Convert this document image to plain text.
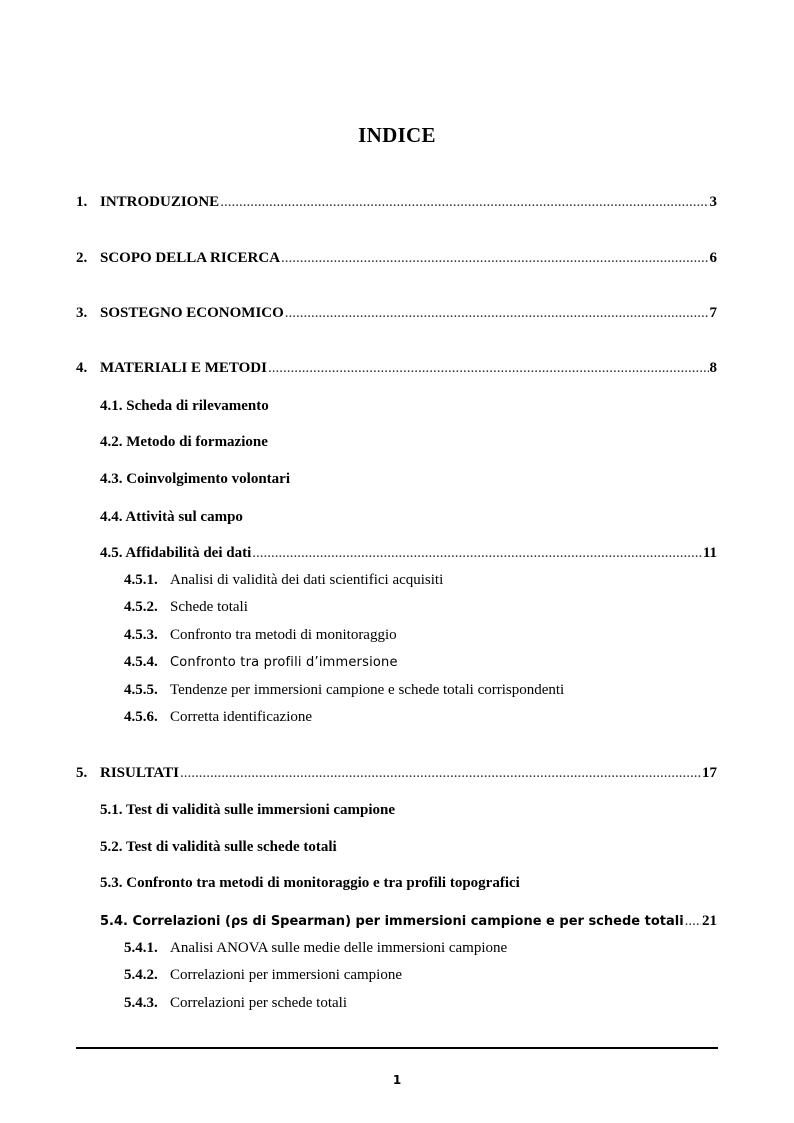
INDICE
1. INTRODUZIONE .....	3
2. SCOPO DELLA RICERCA .....	6
3. SOSTEGNO ECONOMICO .....	7
4. MATERIALI E METODI .....	8
4.1. Scheda di rilevamento
4.2. Metodo di formazione
4.3. Coinvolgimento volontari
4.4. Attività sul campo
4.5. Affidabilità dei dati .....	11
4.5.1. Analisi di validità dei dati scientifici acquisiti
4.5.2. Schede totali
4.5.3. Confronto tra metodi di monitoraggio
4.5.4. Confronto tra profili d’immersione
4.5.5. Tendenze per immersioni campione e schede totali corrispondenti
4.5.6. Corretta identificazione
5. RISULTATI .....	17
5.1. Test di validità sulle immersioni campione
5.2. Test di validità sulle schede totali
5.3. Confronto tra metodi di monitoraggio e tra profili topografici
5.4. Correlazioni (ρs di Spearman) per immersioni campione e per schede totali ..... 21
5.4.1. Analisi ANOVA sulle medie delle immersioni campione
5.4.2. Correlazioni per immersioni campione
5.4.3. Correlazioni per schede totali
1
